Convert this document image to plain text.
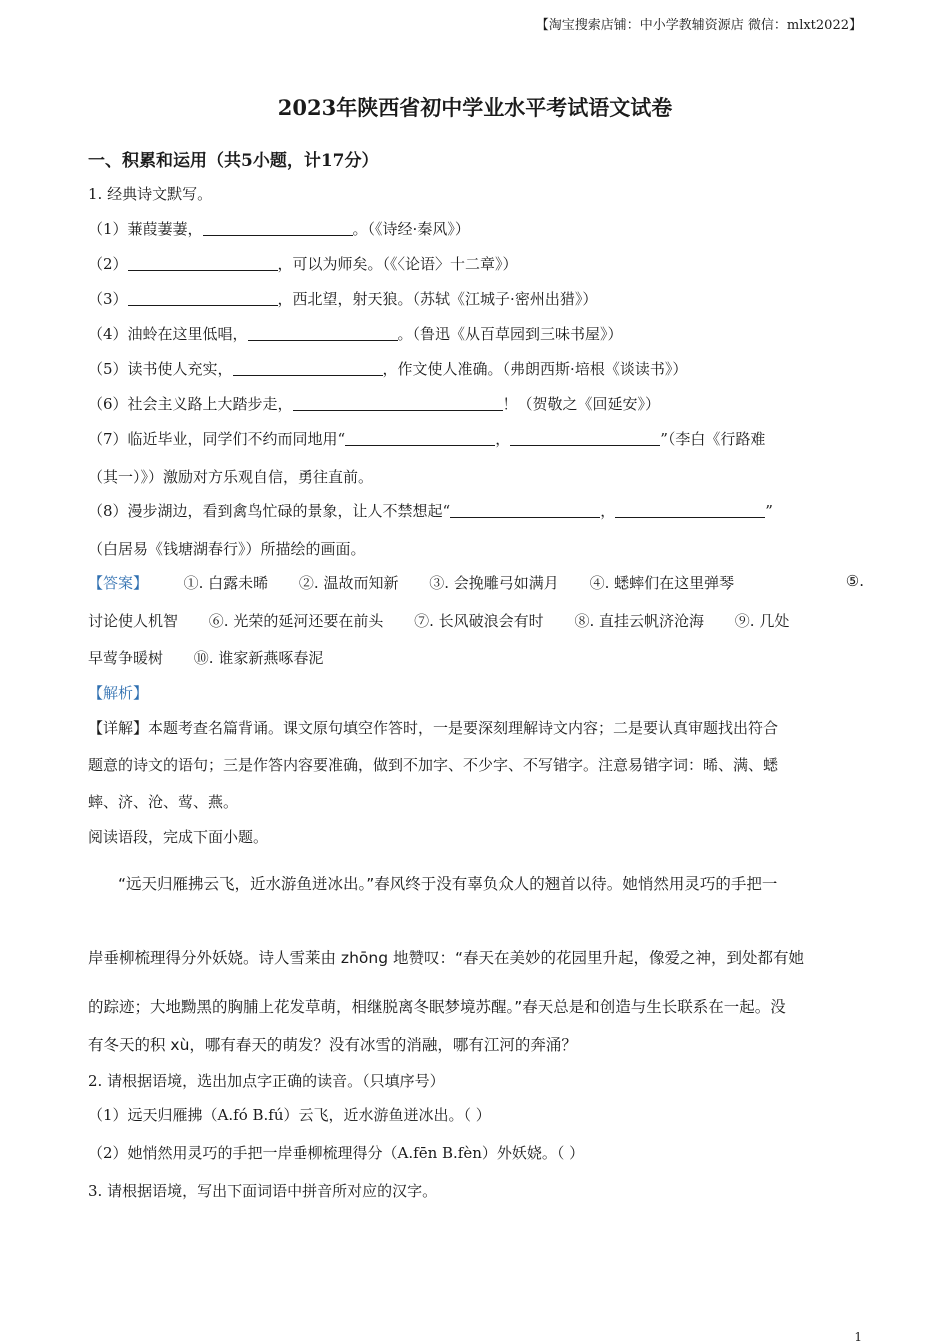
【淘宝搜索店铺：中小学教辅资源店 微信：mlxt2022】
2023年陕西省初中学业水平考试语文试卷
一、积累和运用（共5小题，计17分）
1. 经典诗文默写。
（1）蒹葭萋萋，	。（《诗经·秦风》）
（2）	，可以为师矣。（《〈论语〉十二章》）
（3）	，西北望，射天狼。（苏轼《江城子·密州出猎》）
（4）油蛉在这里低唱，	。（鲁迅《从百草园到三味书屋》）
（5）读书使人充实，	，作文使人准确。（弗朗西斯·培根《谈读书》）
（6）社会主义路上大踏步走，	！（贺敬之《回延安》）
（7）临近毕业，同学们不约而同地用“	，	”（李白《行路难
（其一）》）激励对方乐观自信，勇往直前。
（8）漫步湖边，看到禽鸟忙碌的景象，让人不禁想起“	，	”
（白居易《钱塘湖春行》）所描绘的画面。
【答案】 ①. 白露未晞 ②. 温故而知新 ③. 会挽雕弓如满月 ④. 蟋蟀们在这里弹琴	⑤.
讨论使人机智 ⑥. 光荣的延河还要在前头 ⑦. 长风破浪会有时 ⑧. 直挂云帆济沧海 ⑨. 几处
早莺争暖树 ⑩. 谁家新燕啄春泥
【解析】
【详解】本题考查名篇背诵。课文原句填空作答时，一是要深刻理解诗文内容；二是要认真审题找出符合
题意的诗文的语句；三是作答内容要准确，做到不加字、不少字、不写错字。注意易错字词：晞、满、蟋
蟀、济、沧、莺、燕。
阅读语段，完成下面小题。
“远天归雁拂云飞，近水游鱼迸冰出。”春风终于没有辜负众人的翘首以待。她悄然用灵巧的手把一
岸垂柳梳理得分外妖娆。诗人雪莱由 zhōng 地赞叹：“春天在美妙的花园里升起，像爱之神，到处都有她
的踪迹；大地黝黑的胸脯上花发草萌，相继脱离冬眠梦境苏醒。”春天总是和创造与生长联系在一起。没
有冬天的积 xù，哪有春天的萌发？没有冰雪的消融，哪有江河的奔涌？
2. 请根据语境，选出加点字正确的读音。（只填序号）
（1）远天归雁拂（A.fó B.fú）云飞，近水游鱼迸冰出。（ ）
（2）她悄然用灵巧的手把一岸垂柳梳理得分（A.fēn B.fèn）外妖娆。（ ）
3. 请根据语境，写出下面词语中拼音所对应的汉字。
1
